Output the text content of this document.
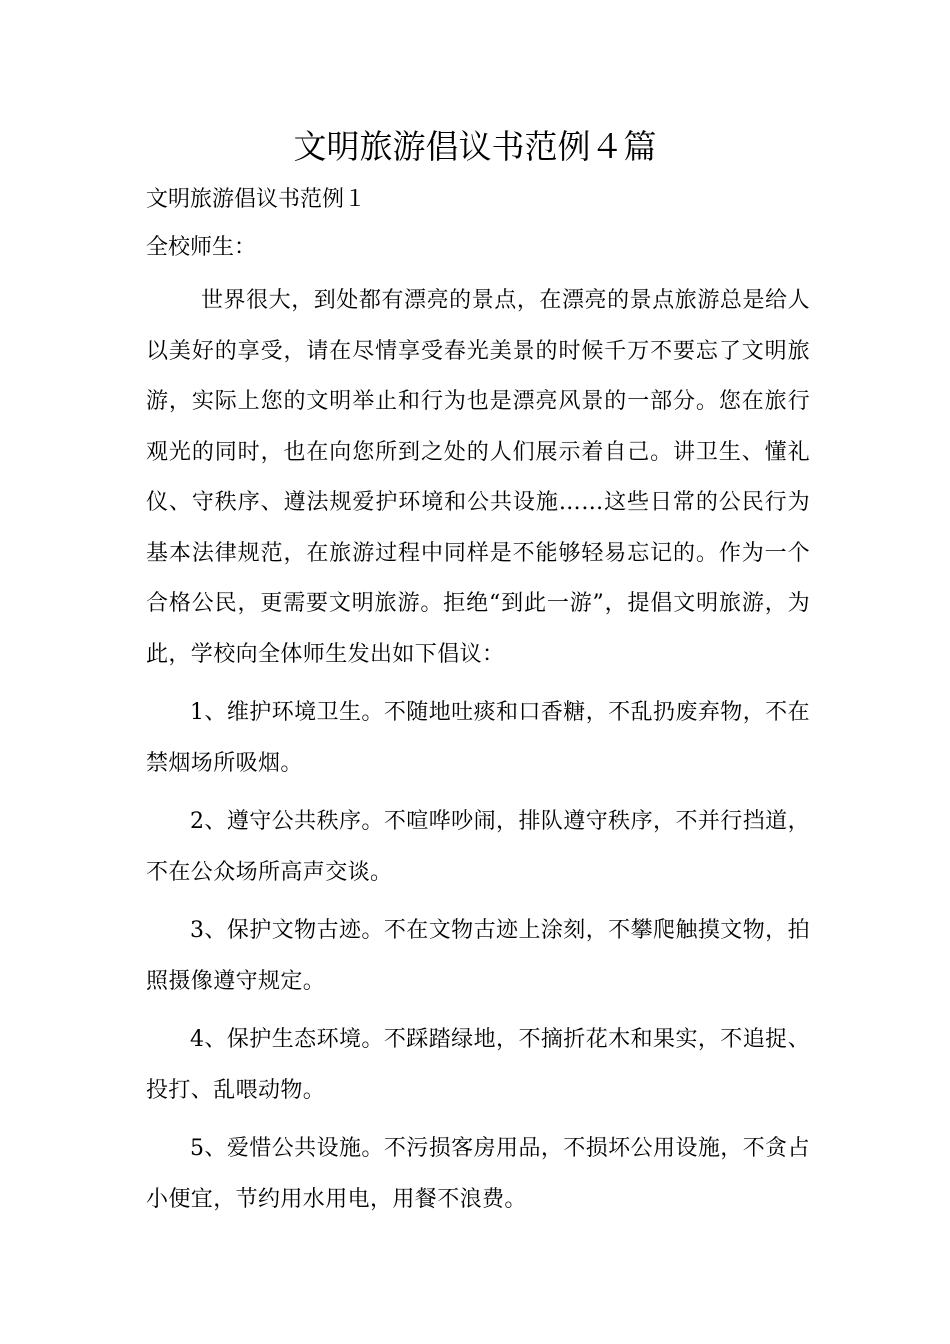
文明旅游倡议书范例４篇

文明旅游倡议书范例１

全校师生：

世界很大，到处都有漂亮的景点，在漂亮的景点旅游总是给人以美好的享受，请在尽情享受春光美景的时候千万不要忘了文明旅游，实际上您的文明举止和行为也是漂亮风景的一部分。您在旅行观光的同时，也在向您所到之处的人们展示着自己。讲卫生、懂礼仪、守秩序、遵法规爱护环境和公共设施……这些日常的公民行为基本法律规范，在旅游过程中同样是不能够轻易忘记的。作为一个合格公民，更需要文明旅游。拒绝“到此一游”，提倡文明旅游，为此，学校向全体师生发出如下倡议：

1、维护环境卫生。不随地吐痰和口香糖，不乱扔废弃物，不在禁烟场所吸烟。

2、遵守公共秩序。不喧哗吵闹，排队遵守秩序，不并行挡道，不在公众场所高声交谈。

3、保护文物古迹。不在文物古迹上涂刻，不攀爬触摸文物，拍照摄像遵守规定。

4、保护生态环境。不踩踏绿地，不摘折花木和果实，不追捉、投打、乱喂动物。

5、爱惜公共设施。不污损客房用品，不损坏公用设施，不贪占小便宜，节约用水用电，用餐不浪费。
